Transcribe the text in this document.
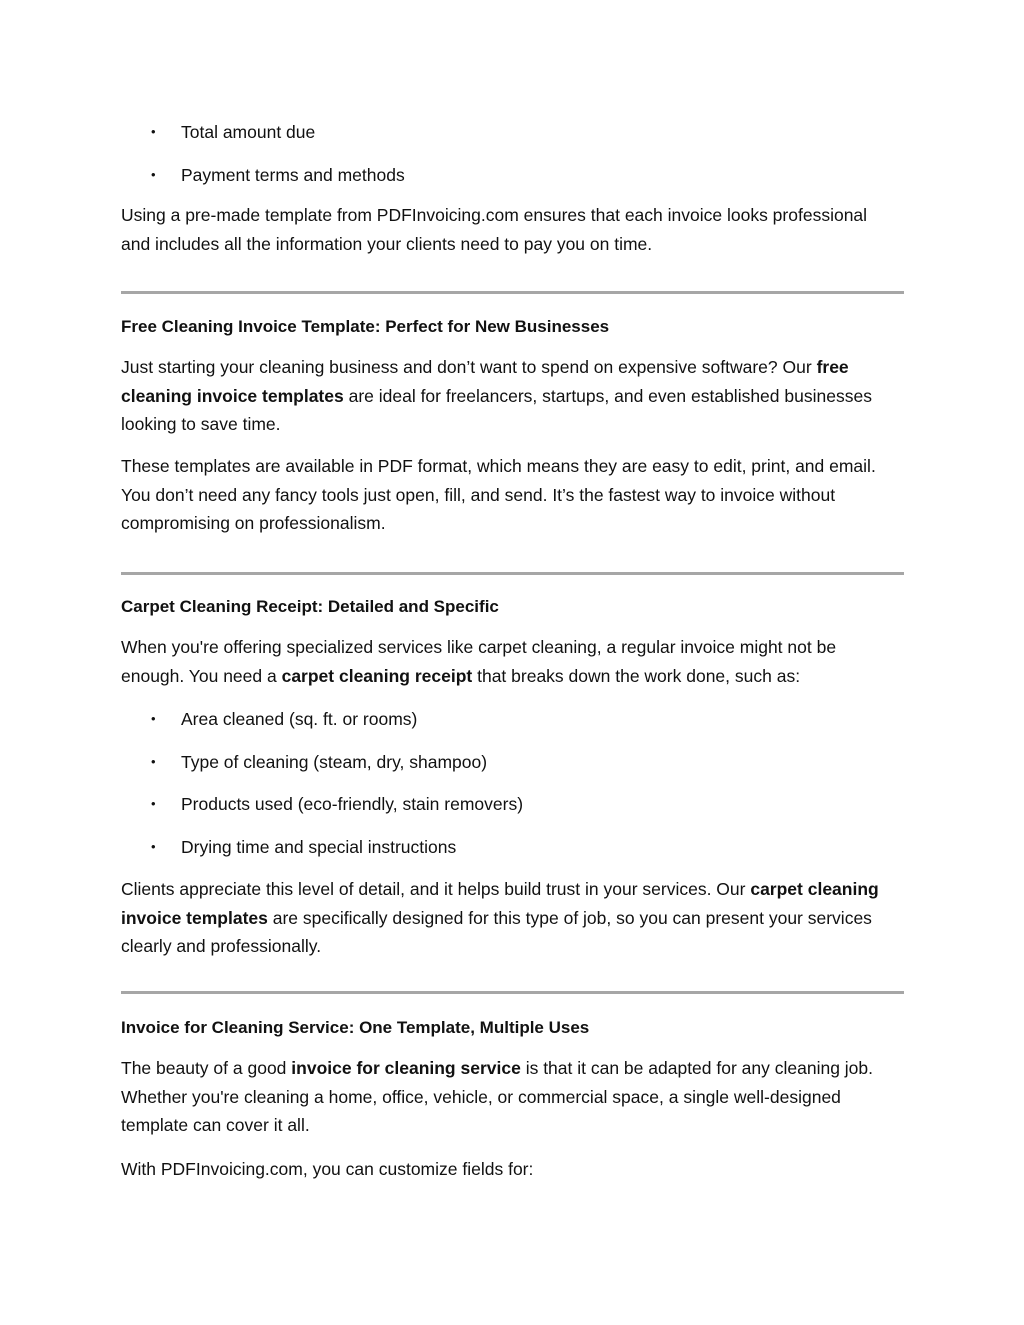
• Total amount due
• Payment terms and methods

Using a pre-made template from PDFInvoicing.com ensures that each invoice looks professional
and includes all the information your clients need to pay you on time.

Free Cleaning Invoice Template: Perfect for New Businesses

Just starting your cleaning business and don’t want to spend on expensive software? Our free cleaning invoice templates are ideal for freelancers, startups, and even established businesses looking to save time.

These templates are available in PDF format, which means they are easy to edit, print, and email. You don’t need any fancy tools just open, fill, and send. It’s the fastest way to invoice without compromising on professionalism.

Carpet Cleaning Receipt: Detailed and Specific

When you're offering specialized services like carpet cleaning, a regular invoice might not be enough. You need a carpet cleaning receipt that breaks down the work done, such as:

• Area cleaned (sq. ft. or rooms)
• Type of cleaning (steam, dry, shampoo)
• Products used (eco-friendly, stain removers)
• Drying time and special instructions

Clients appreciate this level of detail, and it helps build trust in your services. Our carpet cleaning invoice templates are specifically designed for this type of job, so you can present your services clearly and professionally.

Invoice for Cleaning Service: One Template, Multiple Uses

The beauty of a good invoice for cleaning service is that it can be adapted for any cleaning job. Whether you're cleaning a home, office, vehicle, or commercial space, a single well-designed template can cover it all.

With PDFInvoicing.com, you can customize fields for:
